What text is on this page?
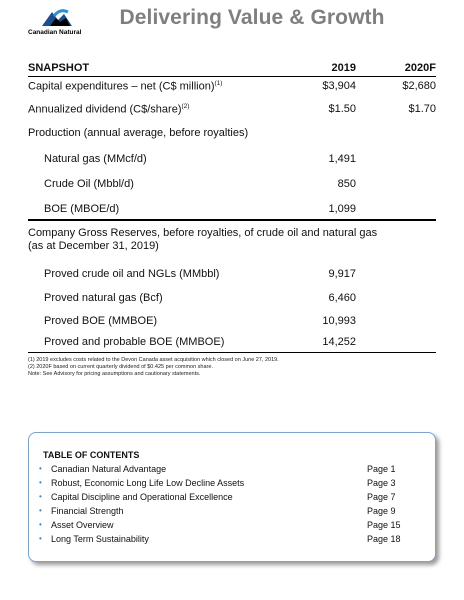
Canadian Natural
Delivering Value & Growth
SNAPSHOT	2019	2020F
Capital expenditures – net (C$ million)$^{(1)}$	$3,904	$2,680
Annualized dividend (C$/share)$^{(2)}$	$1.50	$1.70
Production (annual average, before royalties)
Natural gas (MMcf/d)	1,491
Crude Oil (Mbbl/d)	850
BOE (MBOE/d)	1,099
Company Gross Reserves, before royalties, of crude oil and natural gas
(as at December 31, 2019)
Proved crude oil and NGLs (MMbbl)	9,917
Proved natural gas (Bcf)	6,460
Proved BOE (MMBOE)	10,993
Proved and probable BOE (MMBOE)	14,252
(1) 2019 excludes costs related to the Devon Canada asset acquisition which closed on June 27, 2019.
(2) 2020F based on current quarterly dividend of $0.425 per common share.
Note: See Advisory for pricing assumptions and cautionary statements.
TABLE OF CONTENTS
•	Canadian Natural Advantage	Page 1
•	Robust, Economic Long Life Low Decline Assets	Page 3
•	Capital Discipline and Operational Excellence	Page 7
•	Financial Strength	Page 9
•	Asset Overview	Page 15
•	Long Term Sustainability	Page 18
